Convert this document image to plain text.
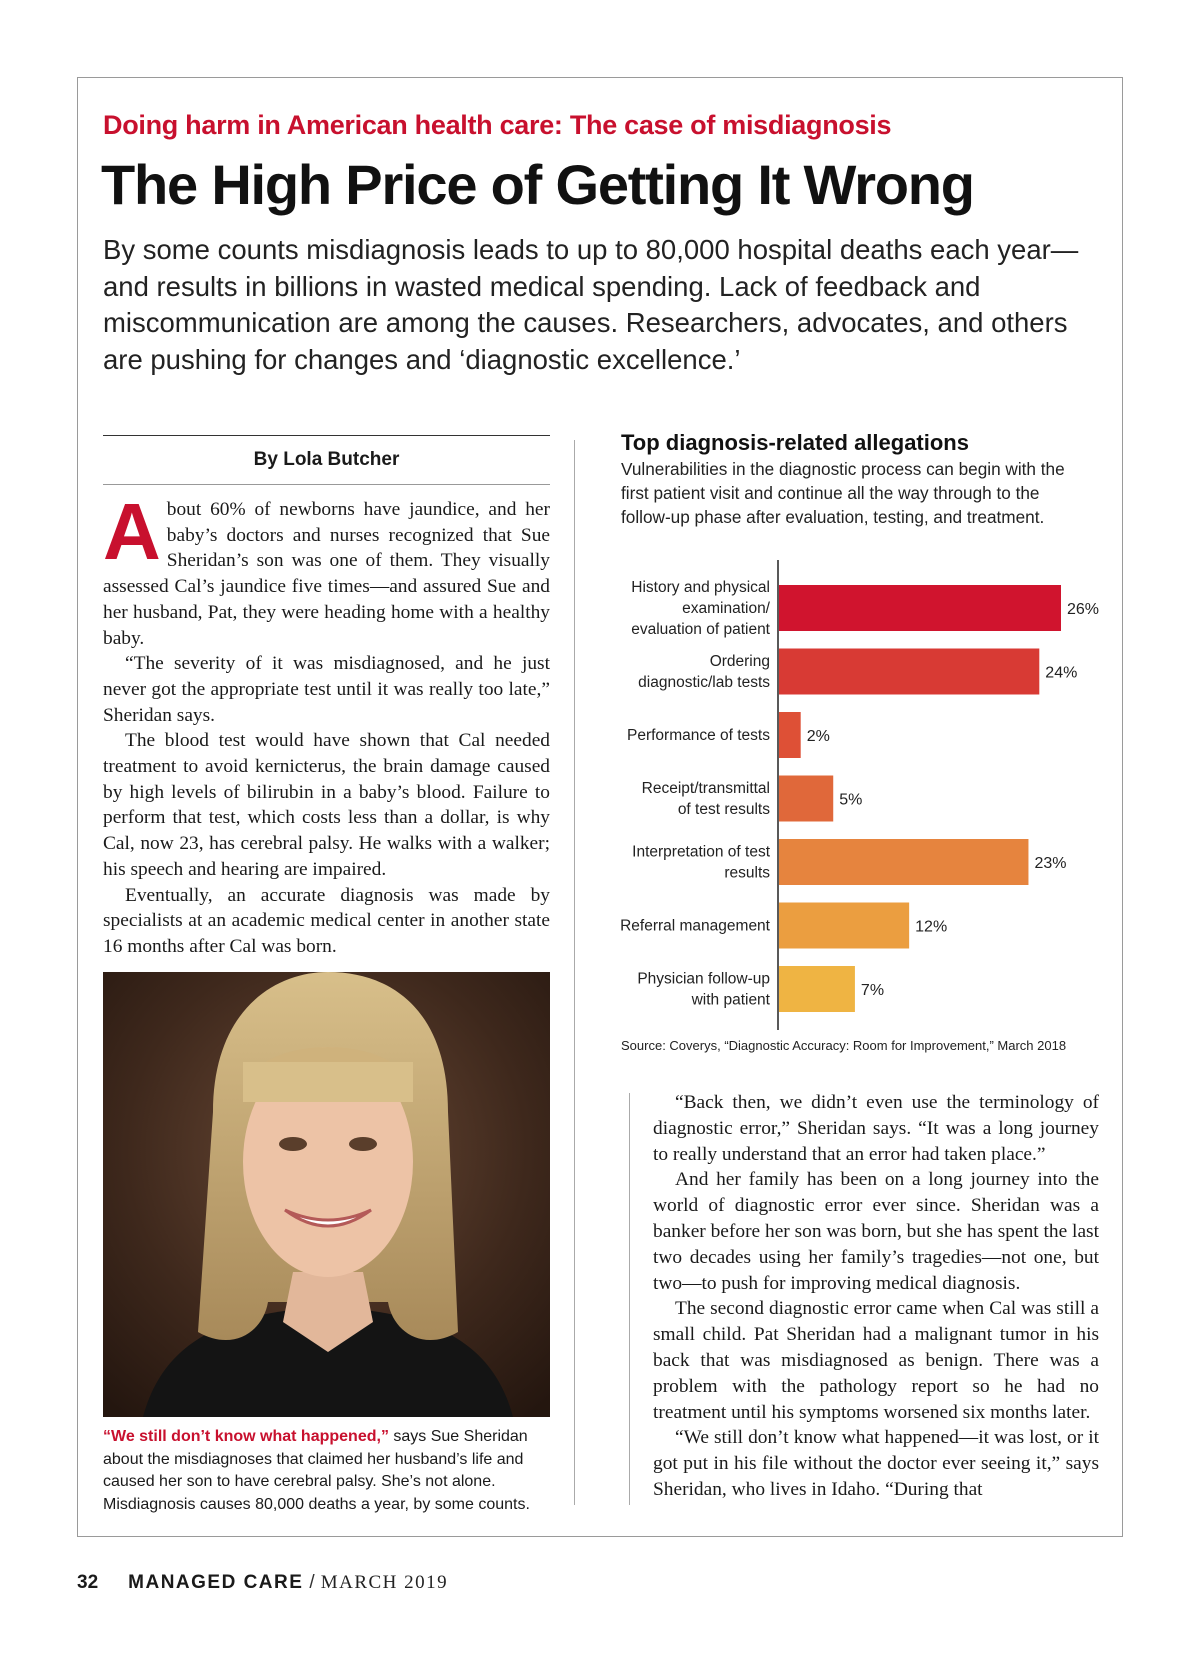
Doing harm in American health care: The case of misdiagnosis
The High Price of Getting It Wrong
By some counts misdiagnosis leads to up to 80,000 hospital deaths each year—and results in billions in wasted medical spending. Lack of feedback and miscommunication are among the causes. Researchers, advocates, and others are pushing for changes and ‘diagnostic excellence.’
By Lola Butcher

About 60% of newborns have jaundice, and her baby’s doctors and nurses recognized that Sue Sheridan’s son was one of them. They visually assessed Cal’s jaundice five times—and assured Sue and her husband, Pat, they were heading home with a healthy baby.

“The severity of it was misdiagnosed, and he just never got the appropriate test until it was really too late,” Sheridan says.

The blood test would have shown that Cal needed treatment to avoid kernicterus, the brain damage caused by high levels of bilirubin in a baby’s blood. Failure to perform that test, which costs less than a dollar, is why Cal, now 23, has cerebral palsy. He walks with a walker; his speech and hearing are impaired.

Eventually, an accurate diagnosis was made by specialists at an academic medical center in another state 16 months after Cal was born.

“We still don’t know what happened,” says Sue Sheridan about the misdiagnoses that claimed her husband’s life and caused her son to have cerebral palsy. She’s not alone. Misdiagnosis causes 80,000 deaths a year, by some counts.
Top diagnosis-related allegations
Vulnerabilities in the diagnostic process can begin with the first patient visit and continue all the way through to the follow-up phase after evaluation, testing, and treatment.
26%
History and physical examination/ evaluation of patient
24%
Ordering diagnostic/lab tests
2%
Performance of tests
5%
Receipt/transmittal of test results
23%
Interpretation of test results
12%
Referral management
7%
Physician follow-up with patient
Source: Coverys, “Diagnostic Accuracy: Room for Improvement,” March 2018

“Back then, we didn’t even use the terminology of diagnostic error,” Sheridan says. “It was a long journey to really understand that an error had taken place.”

And her family has been on a long journey into the world of diagnostic error ever since. Sheridan was a banker before her son was born, but she has spent the last two decades using her family’s tragedies—not one, but two—to push for improving medical diagnosis.

The second diagnostic error came when Cal was still a small child. Pat Sheridan had a malignant tumor in his back that was misdiagnosed as benign. There was a problem with the pathology report so he had no treatment until his symptoms worsened six months later.

“We still don’t know what happened—it was lost, or it got put in his file without the doctor ever seeing it,” says Sheridan, who lives in Idaho. “During that

32 MANAGED CARE / MARCH 2019
